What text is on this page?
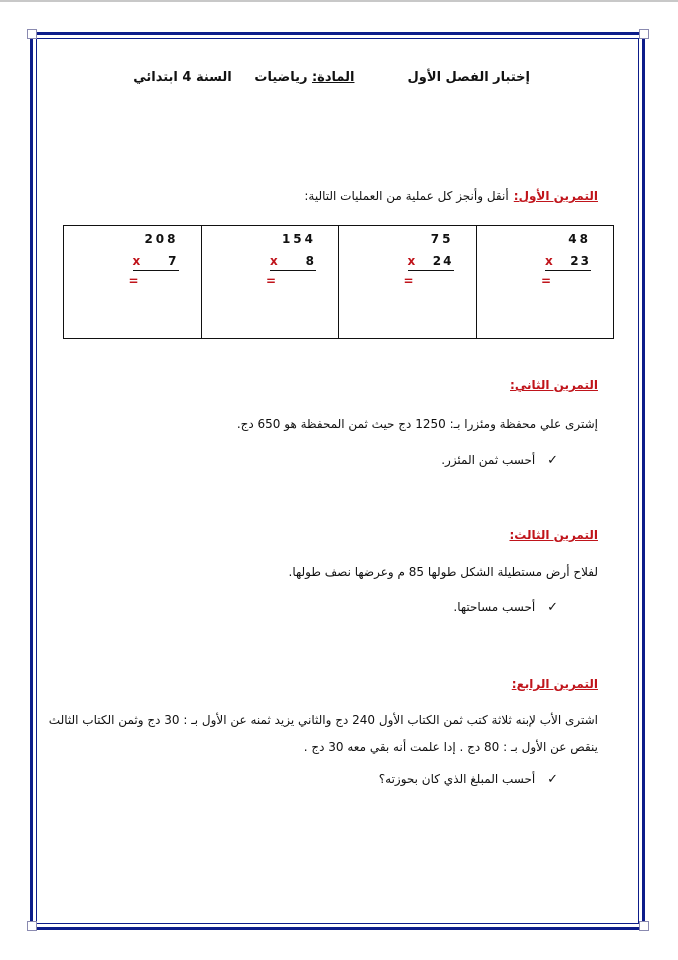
إختبار الفصل الأول  المادة: رياضيات     السنة 4 ابتدائي
التمرين الأول: أنقل وأنجز كل عملية من العمليات التالية:
208
x 7
=
154
x 8
=
75
x 24
=
48
x 23
=
التمرين الثاني:
إشترى علي محفظة ومئزرا بـ: 1250 دج حيث ثمن المحفظة هو 650 دج.
✓ أحسب ثمن المئزر.
التمرين الثالث:
لفلاح أرض مستطيلة الشكل طولها 85 م وعرضها نصف طولها.
✓ أحسب مساحتها.
التمرين الرابع:
اشترى الأب لإبنه ثلاثة كتب ثمن الكتاب الأول 240 دج والثاني يزيد ثمنه عن الأول بـ : 30 دج وثمن الكتاب الثالث
ينقص عن الأول بـ : 80 دج . إدا علمت أنه بقي معه 30 دج .
✓ أحسب المبلغ الذي كان بحوزته؟
